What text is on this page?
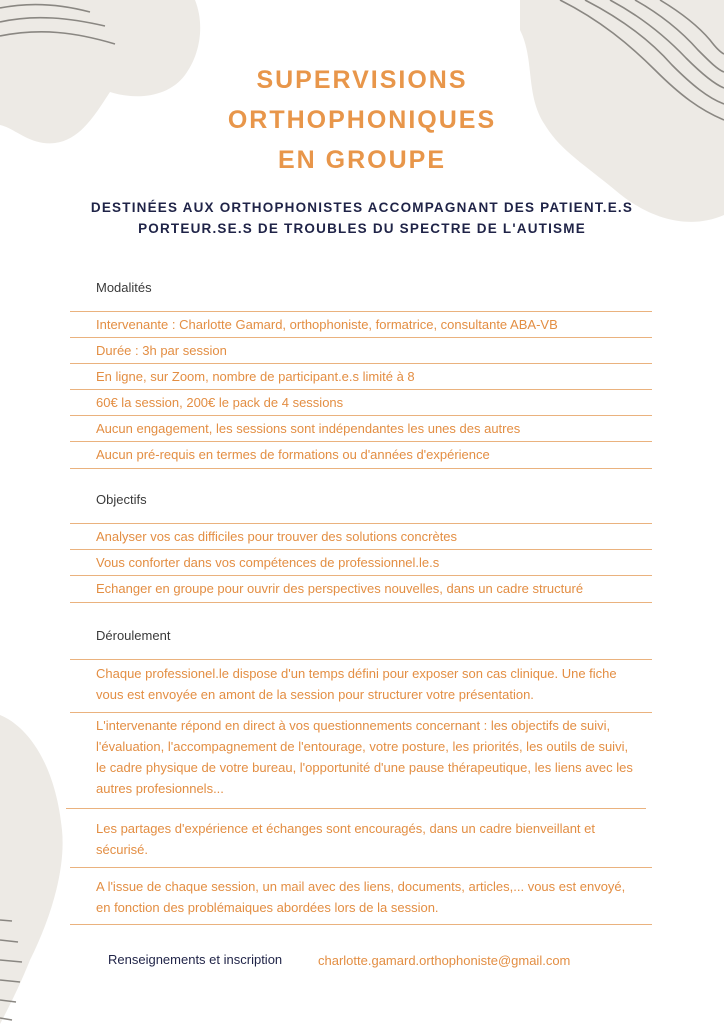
SUPERVISIONS
ORTHOPHONIQUES
EN GROUPE
DESTINÉES AUX ORTHOPHONISTES ACCOMPAGNANT DES PATIENT.E.S
PORTEUR.SE.S DE TROUBLES DU SPECTRE DE L'AUTISME
Modalités
Intervenante : Charlotte Gamard, orthophoniste, formatrice, consultante ABA-VB
Durée : 3h par session
En ligne, sur Zoom, nombre de participant.e.s limité à 8
60€ la session, 200€ le pack de 4 sessions
Aucun engagement, les sessions sont indépendantes les unes des autres
Aucun pré-requis en termes de formations ou d'années d'expérience
Objectifs
Analyser vos cas difficiles pour trouver des solutions concrètes
Vous conforter dans vos compétences de professionnel.le.s
Echanger en groupe pour ouvrir des perspectives nouvelles, dans un cadre structuré
Déroulement
Chaque professionel.le dispose d'un temps défini pour exposer son cas clinique. Une fiche vous est envoyée en amont de la session pour structurer votre présentation.
L'intervenante répond en direct à vos questionnements concernant : les objectifs de suivi, l'évaluation, l'accompagnement de l'entourage, votre posture, les priorités, les outils de suivi, le cadre physique de votre bureau, l'opportunité d'une pause thérapeutique, les liens avec les autres profesionnels...
Les partages d'expérience et échanges sont encouragés, dans un cadre bienveillant et sécurisé.
A l'issue de chaque session, un mail avec des liens, documents, articles,... vous est envoyé, en fonction des problémaiques abordées lors de la session.
Renseignements et inscription	charlotte.gamard.orthophoniste@gmail.com
